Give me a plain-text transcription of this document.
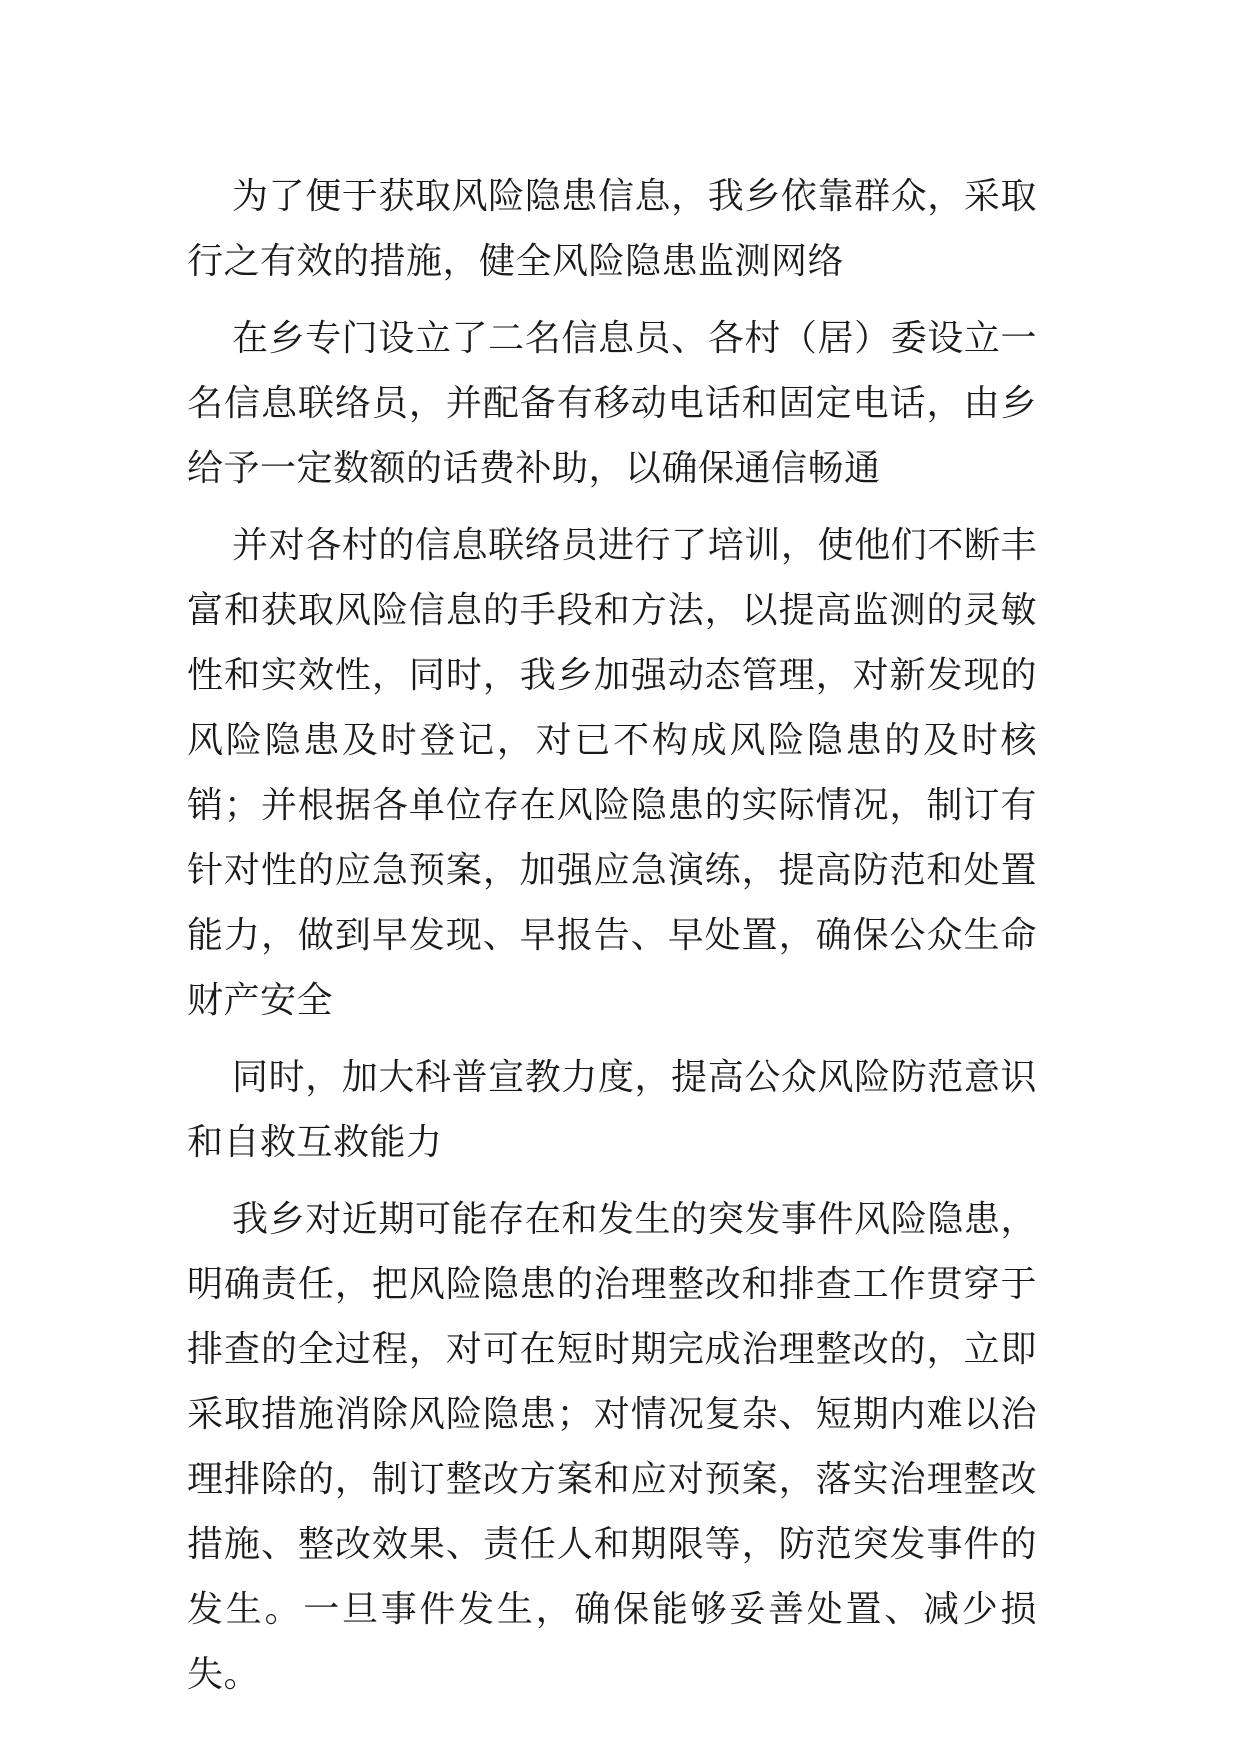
为了便于获取风险隐患信息，我乡依靠群众，采取行之有效的措施，健全风险隐患监测网络

在乡专门设立了二名信息员、各村（居）委设立一名信息联络员，并配备有移动电话和固定电话，由乡给予一定数额的话费补助，以确保通信畅通

并对各村的信息联络员进行了培训，使他们不断丰富和获取风险信息的手段和方法，以提高监测的灵敏性和实效性，同时，我乡加强动态管理，对新发现的风险隐患及时登记，对已不构成风险隐患的及时核销；并根据各单位存在风险隐患的实际情况，制订有针对性的应急预案，加强应急演练，提高防范和处置能力，做到早发现、早报告、早处置，确保公众生命财产安全

同时，加大科普宣教力度，提高公众风险防范意识和自救互救能力

我乡对近期可能存在和发生的突发事件风险隐患，明确责任，把风险隐患的治理整改和排查工作贯穿于排查的全过程，对可在短时期完成治理整改的，立即采取措施消除风险隐患；对情况复杂、短期内难以治理排除的，制订整改方案和应对预案，落实治理整改措施、整改效果、责任人和期限等，防范突发事件的发生。一旦事件发生，确保能够妥善处置、减少损失。
